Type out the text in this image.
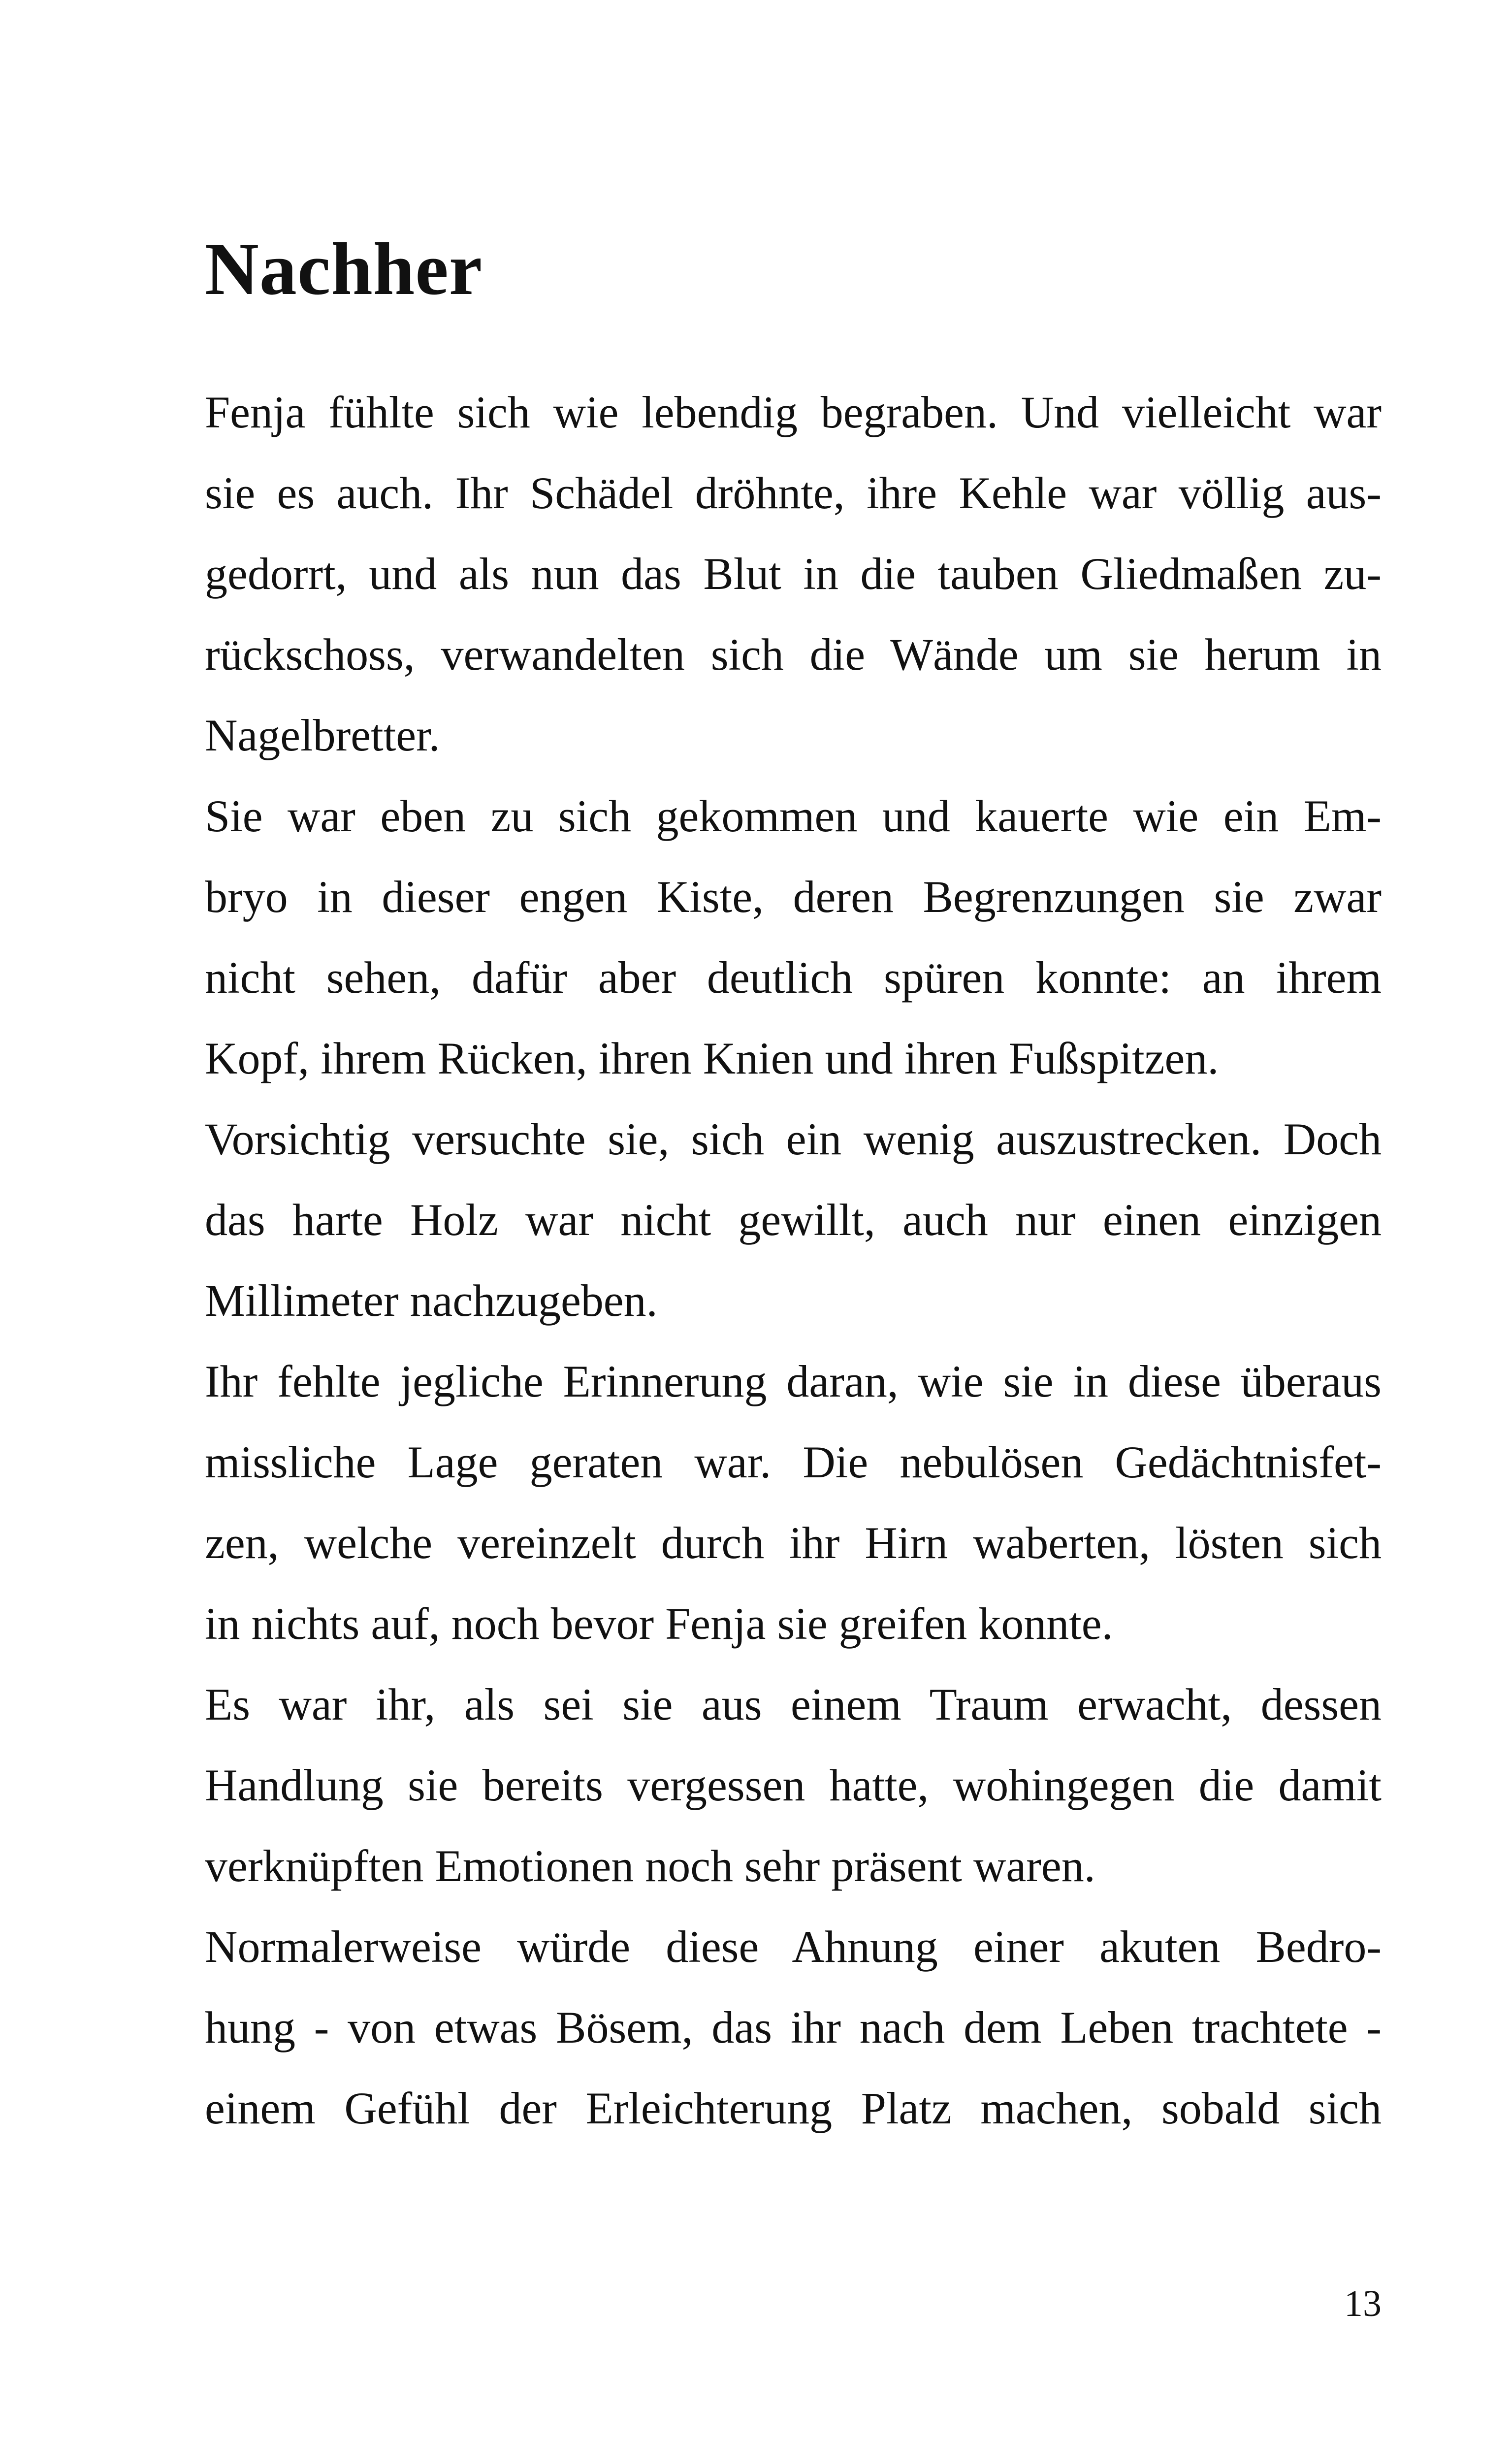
Nachher

Fenja fühlte sich wie lebendig begraben. Und vielleicht war
sie es auch. Ihr Schädel dröhnte, ihre Kehle war völlig aus-
gedorrt, und als nun das Blut in die tauben Gliedmaßen zu-
rückschoss, verwandelten sich die Wände um sie herum in
Nagelbretter.

Sie war eben zu sich gekommen und kauerte wie ein Em-
bryo in dieser engen Kiste, deren Begrenzungen sie zwar
nicht sehen, dafür aber deutlich spüren konnte: an ihrem
Kopf, ihrem Rücken, ihren Knien und ihren Fußspitzen.

Vorsichtig versuchte sie, sich ein wenig auszustrecken. Doch
das harte Holz war nicht gewillt, auch nur einen einzigen
Millimeter nachzugeben.

Ihr fehlte jegliche Erinnerung daran, wie sie in diese überaus
missliche Lage geraten war. Die nebulösen Gedächtnisfet-
zen, welche vereinzelt durch ihr Hirn waberten, lösten sich
in nichts auf, noch bevor Fenja sie greifen konnte.

Es war ihr, als sei sie aus einem Traum erwacht, dessen
Handlung sie bereits vergessen hatte, wohingegen die damit
verknüpften Emotionen noch sehr präsent waren.

Normalerweise würde diese Ahnung einer akuten Bedro-
hung - von etwas Bösem, das ihr nach dem Leben trachtete -
einem Gefühl der Erleichterung Platz machen, sobald sich

13
